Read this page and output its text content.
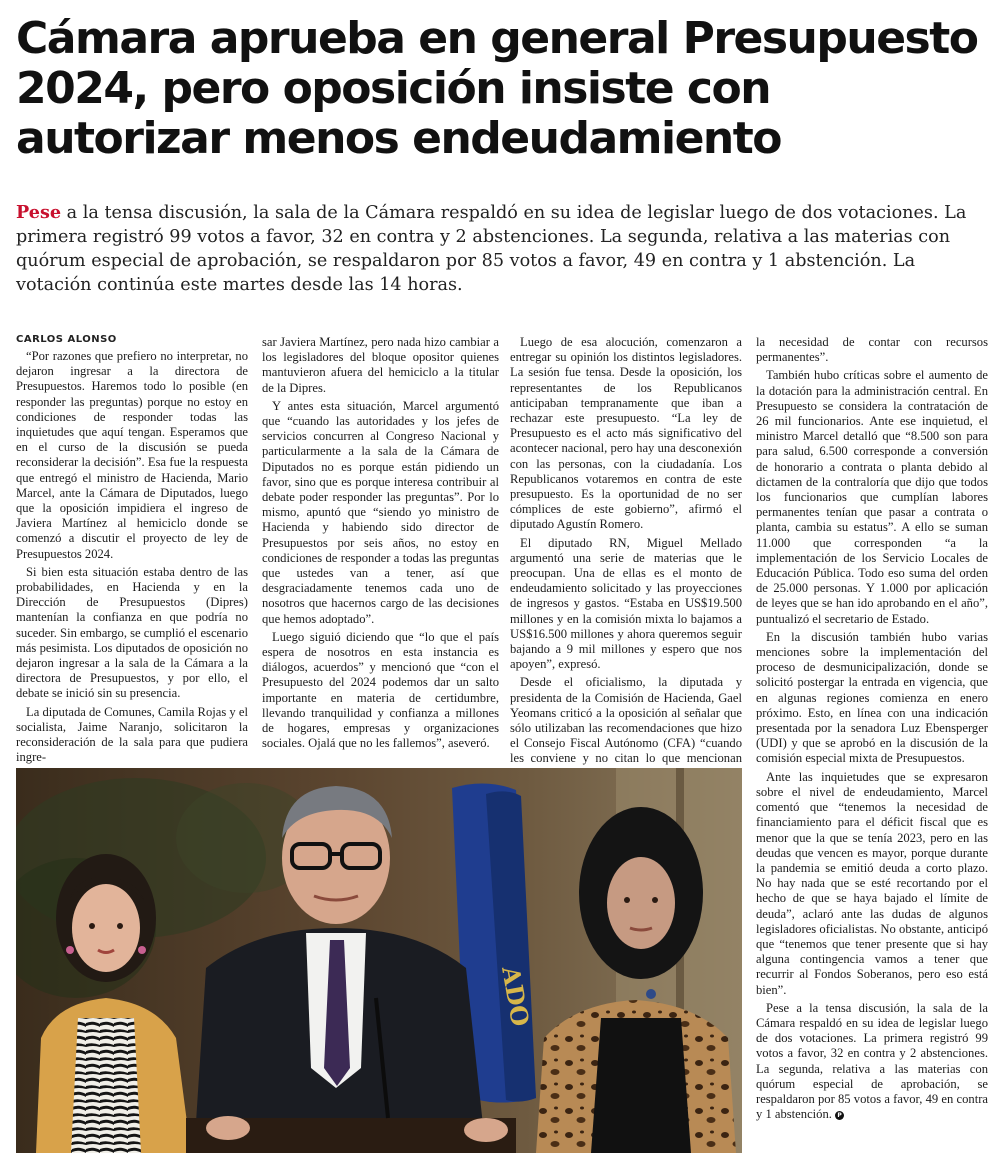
Cámara aprueba en general Presupuesto 2024, pero oposición insiste con autorizar menos endeudamiento

Pese a la tensa discusión, la sala de la Cámara respaldó en su idea de legislar luego de dos votaciones. La primera registró 99 votos a favor, 32 en contra y 2 abstenciones. La segunda, relativa a las materias con quórum especial de aprobación, se respaldaron por 85 votos a favor, 49 en contra y 1 abstención. La votación continúa este martes desde las 14 horas.

CARLOS ALONSO

“Por razones que prefiero no interpretar, no dejaron ingresar a la directora de Presupuestos. Haremos todo lo posible (en responder las preguntas) porque no estoy en condiciones de responder todas las inquietudes que aquí tengan. Esperamos que en el curso de la discusión se pueda reconsiderar la decisión”. Esa fue la respuesta que entregó el ministro de Hacienda, Mario Marcel, ante la Cámara de Diputados, luego que la oposición impidiera el ingreso de Javiera Martínez al hemiciclo donde se comenzó a discutir el proyecto de ley de Presupuestos 2024.

Si bien esta situación estaba dentro de las probabilidades, en Hacienda y en la Dirección de Presupuestos (Dipres) mantenían la confianza en que podría no suceder. Sin embargo, se cumplió el escenario más pesimista. Los diputados de oposición no dejaron ingresar a la sala de la Cámara a la directora de Presupuestos, y por ello, el debate se inició sin su presencia.

La diputada de Comunes, Camila Rojas y el socialista, Jaime Naranjo, solicitaron la reconsideración de la sala para que pudiera ingre-

sar Javiera Martínez, pero nada hizo cambiar a los legisladores del bloque opositor quienes mantuvieron afuera del hemiciclo a la titular de la Dipres.

Y antes esta situación, Marcel argumentó que “cuando las autoridades y los jefes de servicios concurren al Congreso Nacional y particularmente a la sala de la Cámara de Diputados no es porque están pidiendo un favor, sino que es porque interesa contribuir al debate poder responder las preguntas”. Por lo mismo, apuntó que “siendo yo ministro de Hacienda y habiendo sido director de Presupuestos por seis años, no estoy en condiciones de responder a todas las preguntas que ustedes van a tener, así que desgraciadamente tenemos cada uno de nosotros que hacernos cargo de las decisiones que hemos adoptado”.

Luego siguió diciendo que “lo que el país espera de nosotros en esta instancia es diálogos, acuerdos” y mencionó que “con el Presupuesto del 2024 podemos dar un salto importante en materia de certidumbre, llevando tranquilidad y confianza a millones de hogares, empresas y organizaciones sociales. Ojalá que no les fallemos”, aseveró.

Luego de esa alocución, comenzaron a entregar su opinión los distintos legisladores. La sesión fue tensa. Desde la oposición, los representantes de los Republicanos anticipaban tempranamente que iban a rechazar este presupuesto. “La ley de Presupuesto es el acto más significativo del acontecer nacional, pero hay una desconexión con las personas, con la ciudadanía. Los Republicanos votaremos en contra de este presupuesto. Es la oportunidad de no ser cómplices de este gobierno”, afirmó el diputado Agustín Romero.

El diputado RN, Miguel Mellado argumentó una serie de materias que le preocupan. Una de ellas es el monto de endeudamiento solicitado y las proyecciones de ingresos y gastos. “Estaba en US$19.500 millones y en la comisión mixta lo bajamos a US$16.500 millones y ahora queremos seguir bajando a 9 mil millones y espero que nos apoyen”, expresó.

Desde el oficialismo, la diputada y presidenta de la Comisión de Hacienda, Gael Yeomans criticó a la oposición al señalar que sólo utilizaban las recomendaciones que hizo el Consejo Fiscal Autónomo (CFA) “cuando les conviene y no citan lo que mencionan

la necesidad de contar con recursos permanentes”.

También hubo críticas sobre el aumento de la dotación para la administración central. En Presupuesto se considera la contratación de 26 mil funcionarios. Ante ese inquietud, el ministro Marcel detalló que “8.500 son para para salud, 6.500 corresponde a conversión de honorario a contrata o planta debido al dictamen de la contraloría que dijo que todos los funcionarios que cumplían labores permanentes tenían que pasar a contrata o planta, cambia su estatus”. A ello se suman 11.000 que corresponden “a la implementación de los Servicio Locales de Educación Pública. Todo eso suma del orden de 25.000 personas. Y 1.000 por aplicación de leyes que se han ido aprobando en el año”, puntualizó el secretario de Estado.

En la discusión también hubo varias menciones sobre la implementación del proceso de desmunicipalización, donde se solicitó postergar la entrada en vigencia, que en algunas regiones comienza en enero próximo. Esto, en línea con una indicación presentada por la senadora Luz Ebensperger (UDI) y que se aprobó en la discusión de la comisión especial mixta de Presupuestos.

Ante las inquietudes que se expresaron sobre el nivel de endeudamiento, Marcel comentó que “tenemos la necesidad de financiamiento para el déficit fiscal que es menor que la que se tenía 2023, pero en las deudas que vencen es mayor, porque durante la pandemia se emitió deuda a corto plazo. No hay nada que se esté recortando por el hecho de que se haya bajado el límite de deuda”, aclaró ante las dudas de algunos legisladores oficialistas. No obstante, anticipó que “tenemos que tener presente que si hay alguna contingencia vamos a tener que recurrir al Fondos Soberanos, pero eso está bien”.

Pese a la tensa discusión, la sala de la Cámara respaldó en su idea de legislar luego de dos votaciones. La primera registró 99 votos a favor, 32 en contra y 2 abstenciones. La segunda, relativa a las materias con quórum especial de aprobación, se respaldaron por 85 votos a favor, 49 en contra y 1 abstención. P

ADO
